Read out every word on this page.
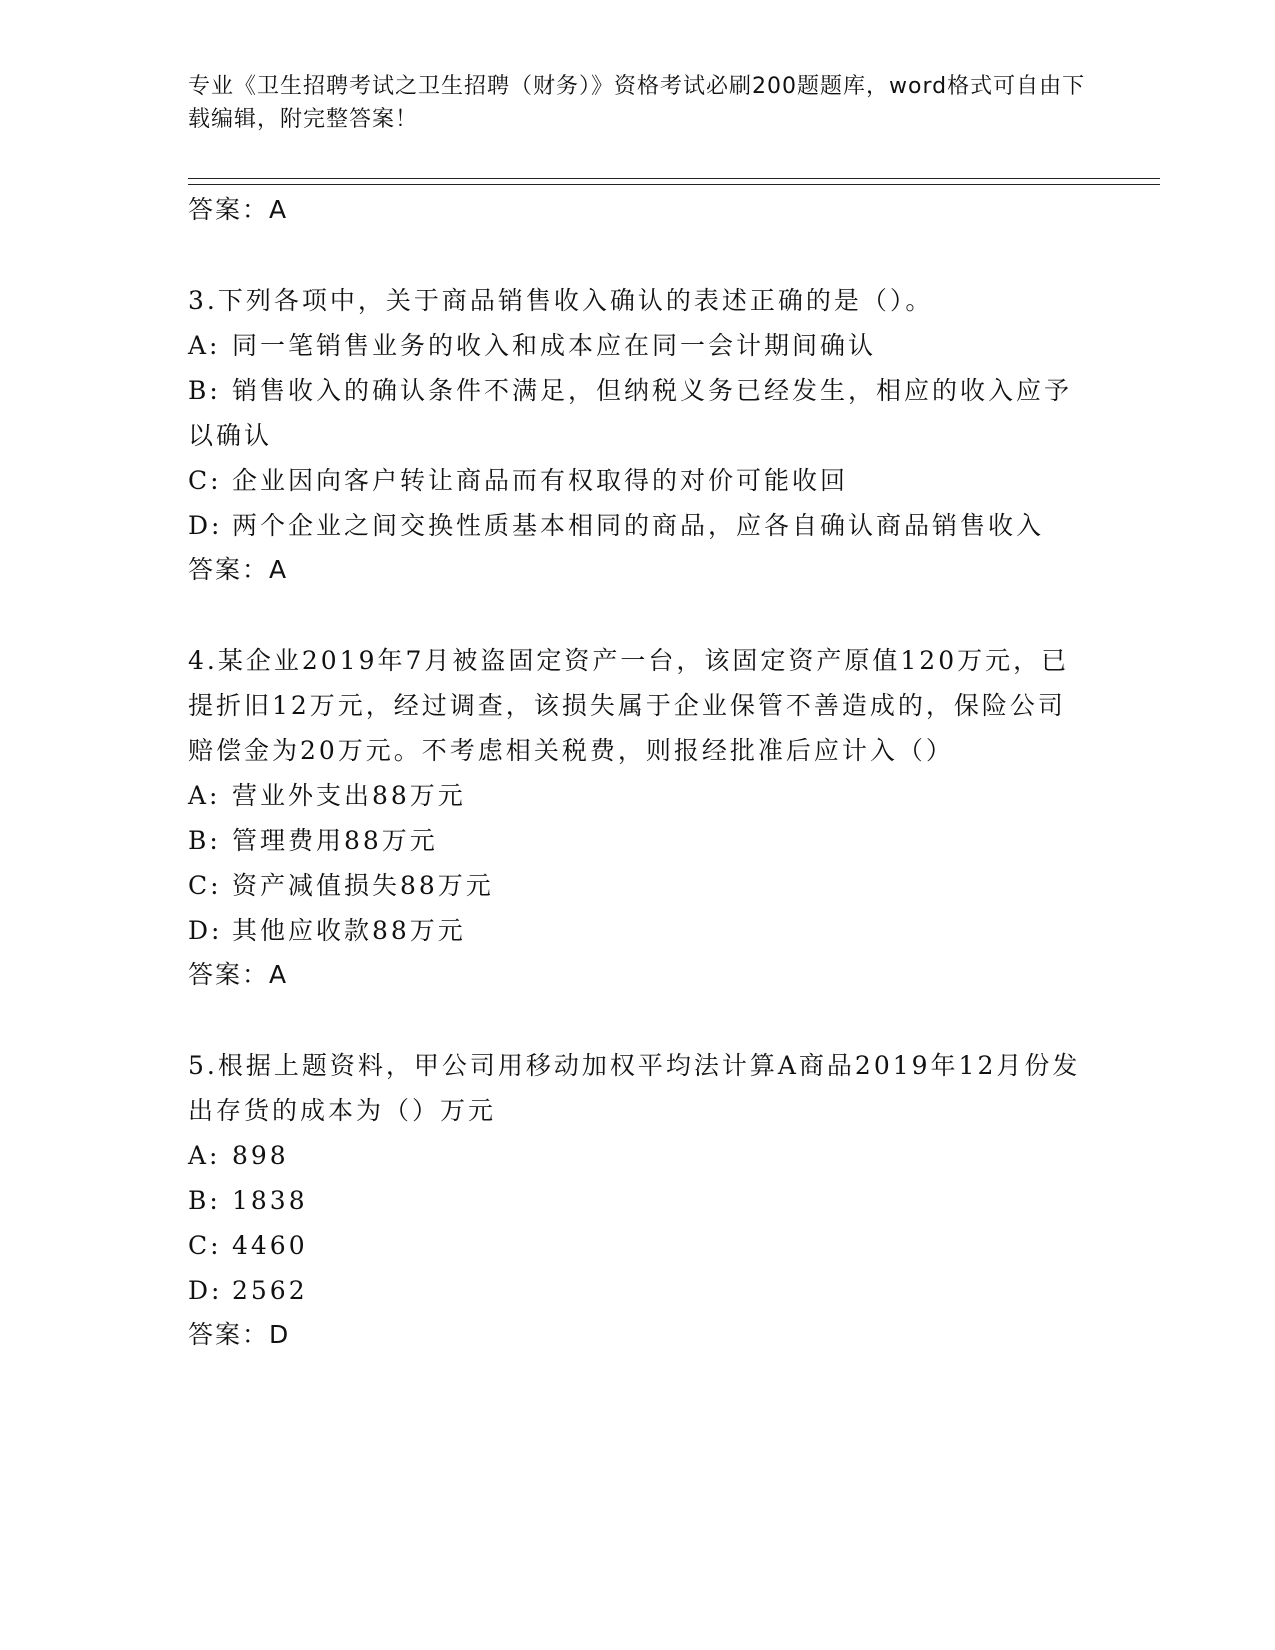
专业《卫生招聘考试之卫生招聘（财务）》资格考试必刷200题题库，word格式可自由下载编辑，附完整答案！
答案：A
3.下列各项中，关于商品销售收入确认的表述正确的是（）。
A: 同一笔销售业务的收入和成本应在同一会计期间确认
B: 销售收入的确认条件不满足，但纳税义务已经发生，相应的收入应予以确认
C: 企业因向客户转让商品而有权取得的对价可能收回
D: 两个企业之间交换性质基本相同的商品，应各自确认商品销售收入
答案：A
4.某企业2019年7月被盗固定资产一台，该固定资产原值120万元，已提折旧12万元，经过调查，该损失属于企业保管不善造成的，保险公司赔偿金为20万元。不考虑相关税费，则报经批准后应计入（）
A: 营业外支出88万元
B: 管理费用88万元
C: 资产减值损失88万元
D: 其他应收款88万元
答案：A
5.根据上题资料，甲公司用移动加权平均法计算A商品2019年12月份发出存货的成本为（）万元
A: 898
B: 1838
C: 4460
D: 2562
答案：D
